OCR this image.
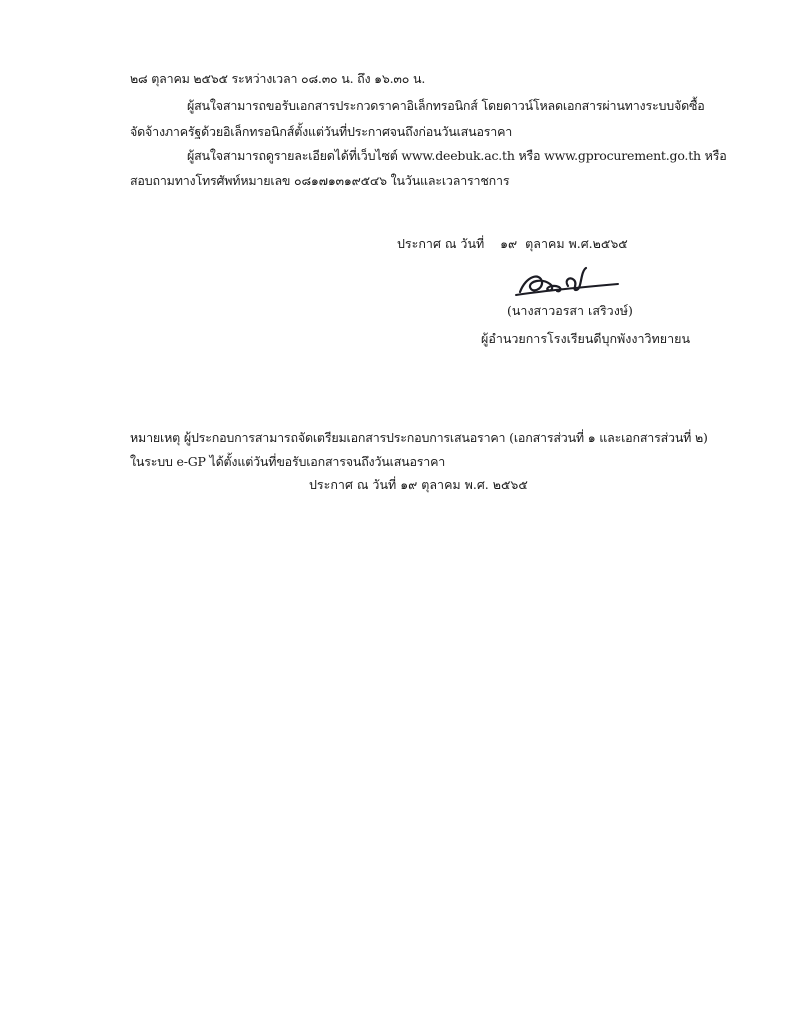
๒๘ ตุลาคม ๒๕๖๕ ระหว่างเวลา ๐๘.๓๐ น. ถึง ๑๖.๓๐ น.
ผู้สนใจสามารถขอรับเอกสารประกวดราคาอิเล็กทรอนิกส์ โดยดาวน์โหลดเอกสารผ่านทางระบบจัดซื้อ
จัดจ้างภาครัฐด้วยอิเล็กทรอนิกส์ตั้งแต่วันที่ประกาศจนถึงก่อนวันเสนอราคา
ผู้สนใจสามารถดูรายละเอียดได้ที่เว็บไซต์ www.deebuk.ac.th หรือ www.gprocurement.go.th หรือ
สอบถามทางโทรศัพท์หมายเลข ๐๘๑๗๑๓๑๙๕๔๖ ในวันและเวลาราชการ
ประกาศ ณ วันที่    ๑๙  ตุลาคม พ.ศ.๒๕๖๕
(นางสาวอรสา เสริวงษ์)
ผู้อำนวยการโรงเรียนดีบุกพังงาวิทยายน
หมายเหตุ ผู้ประกอบการสามารถจัดเตรียมเอกสารประกอบการเสนอราคา (เอกสารส่วนที่ ๑ และเอกสารส่วนที่ ๒)
ในระบบ e-GP ได้ตั้งแต่วันที่ขอรับเอกสารจนถึงวันเสนอราคา
ประกาศ ณ วันที่ ๑๙ ตุลาคม พ.ศ. ๒๕๖๕
